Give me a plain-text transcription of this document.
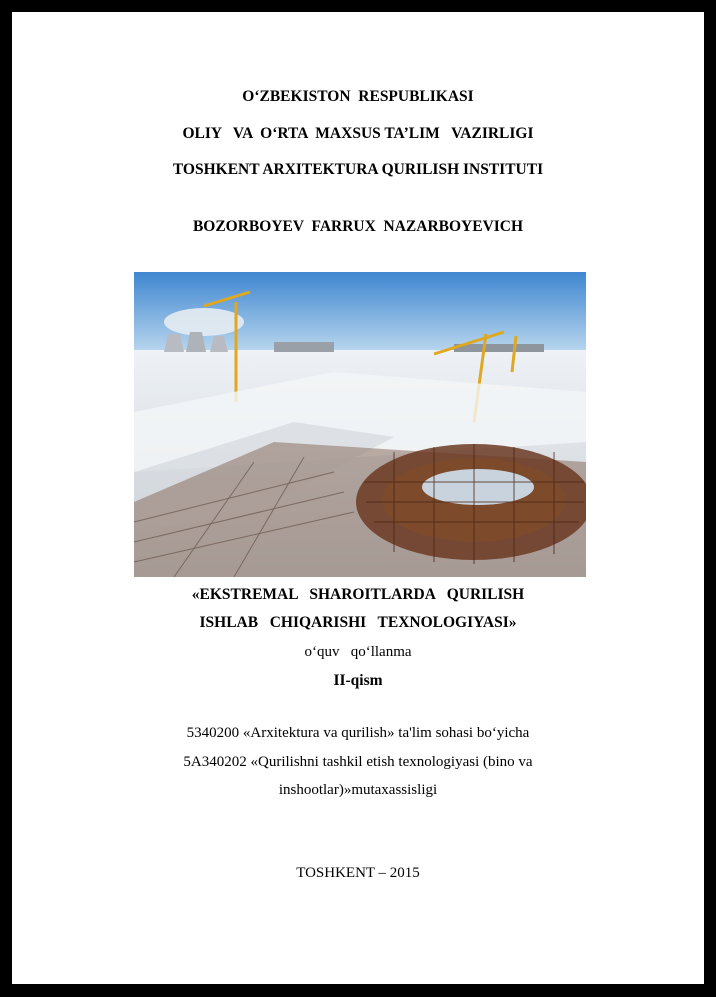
O‘ZBEKISTON  RESPUBLIKASI
OLIY   VA  O‘RTA  MAXSUS TA’LIM   VAZIRLIGI
TOSHKENT ARXITEKTURA QURILISH INSTITUTI
BOZORBOYEV  FARRUX  NAZARBOYEVICH
«EKSTREMAL   SHAROITLARDA   QURILISH
ISHLAB   CHIQARISHI   TEXNOLOGIYASI»
o‘quv   qo‘llanma
II-qism
5340200 «Arxitektura va qurilish» ta'lim sohasi bo‘yicha
5A340202 «Qurilishni tashkil etish texnologiyasi (bino va
inshootlar)»mutaxassisligi
TOSHKENT – 2015
